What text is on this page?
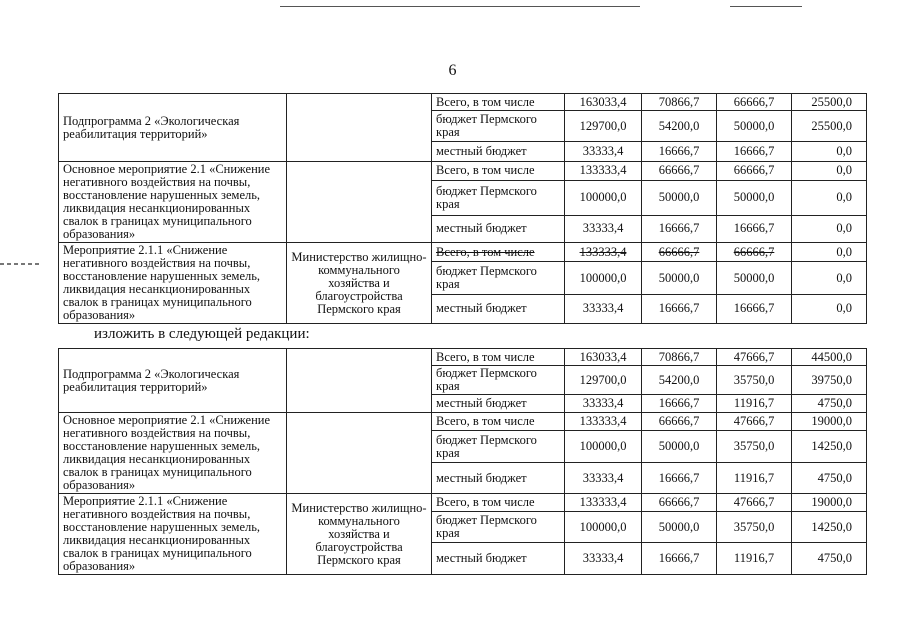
6
Подпрограмма 2 «Экологическая реабилитация территорий»		Всего, в том числе	163033,4	70866,7	66666,7	25500,0
		бюджет Пермского края	129700,0	54200,0	50000,0	25500,0
		местный бюджет	33333,4	16666,7	16666,7	0,0
Основное мероприятие 2.1 «Снижение негативного воздействия на почвы, восстановление нарушенных земель, ликвидация несанкционированных свалок в границах муниципального образования»		Всего, в том числе	133333,4	66666,7	66666,7	0,0
		бюджет Пермского края	100000,0	50000,0	50000,0	0,0
		местный бюджет	33333,4	16666,7	16666,7	0,0
Мероприятие 2.1.1 «Снижение негативного воздействия на почвы, восстановление нарушенных земель, ликвидация несанкционированных свалок в границах муниципального образования»	Министерство жилищно-коммунального хозяйства и благоустройства Пермского края	Всего, в том числе	133333,4	66666,7	66666,7	0,0
		бюджет Пермского края	100000,0	50000,0	50000,0	0,0
		местный бюджет	33333,4	16666,7	16666,7	0,0
изложить в следующей редакции:
Подпрограмма 2 «Экологическая реабилитация территорий»		Всего, в том числе	163033,4	70866,7	47666,7	44500,0
		бюджет Пермского края	129700,0	54200,0	35750,0	39750,0
		местный бюджет	33333,4	16666,7	11916,7	4750,0
Основное мероприятие 2.1 «Снижение негативного воздействия на почвы, восстановление нарушенных земель, ликвидация несанкционированных свалок в границах муниципального образования»		Всего, в том числе	133333,4	66666,7	47666,7	19000,0
		бюджет Пермского края	100000,0	50000,0	35750,0	14250,0
		местный бюджет	33333,4	16666,7	11916,7	4750,0
Мероприятие 2.1.1 «Снижение негативного воздействия на почвы, восстановление нарушенных земель, ликвидация несанкционированных свалок в границах муниципального образования»	Министерство жилищно-коммунального хозяйства и благоустройства Пермского края	Всего, в том числе	133333,4	66666,7	47666,7	19000,0
		бюджет Пермского края	100000,0	50000,0	35750,0	14250,0
		местный бюджет	33333,4	16666,7	11916,7	4750,0
